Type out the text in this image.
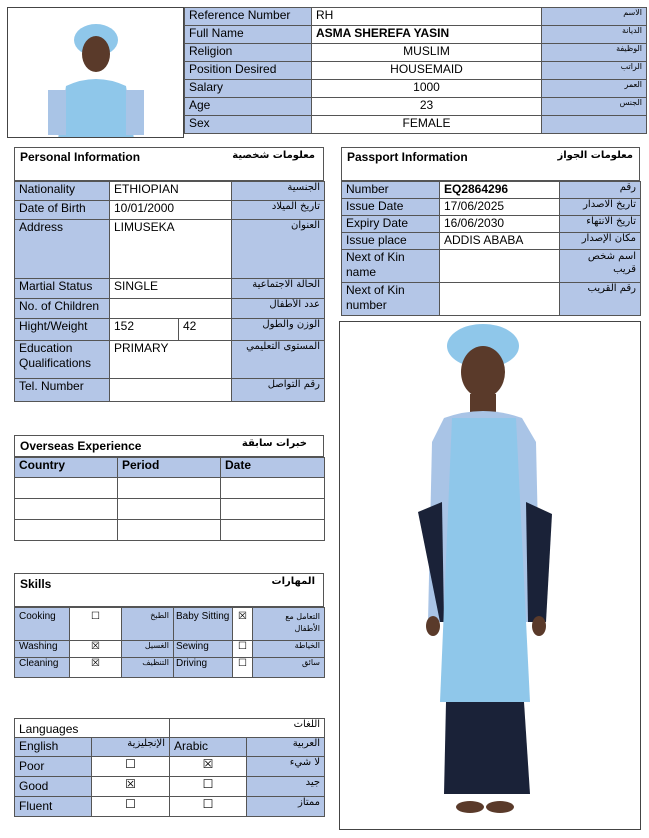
Reference Number	RH	الاسم
Full Name	ASMA SHEREFA YASIN	الديانة
Religion	MUSLIM	الوظيفة
Position Desired	HOUSEMAID	الراتب
Salary	1000	العمر
Age	23	الجنس
Sex	FEMALE	
Personal Information	معلومات شخصية
Nationality	ETHIOPIAN		الجنسية
Date of Birth	10/01/2000		تاريخ الميلاد
Address	LIMUSEKA		العنوان
Martial Status	SINGLE		الحالة الاجتماعية
No. of Children			عدد الأطفال
Hight/Weight	152	42	الوزن والطول
Education
Qualifications	PRIMARY		المستوى التعليمي
Tel. Number			رقم التواصل
Passport Information	معلومات الجواز
Number	EQ2864296	رقم
Issue Date	17/06/2025	تاريخ الاصدار
Expiry Date	16/06/2030	تاريخ الانتهاء
Issue place	ADDIS ABABA	مكان الإصدار
Next of Kin
name		اسم شخص
قريب
Next of Kin
number		رقم القريب
Overseas Experience	خبرات سابقة
Country	Period	Date

Skills	المهارات
Cooking	☐	الطبخ	Baby Sitting	☒	التعامل مع
الأطفال
Washing	☒	الغسيل	Sewing	☐	الخياطة
Cleaning	☒	التنظيف	Driving	☐	سائق
Languages		اللغات	
English	الإنجليزية	Arabic	العربية
Poor	☐	☒	لا شيء
Good	☒	☐	جيد
Fluent	☐	☐	ممتاز
